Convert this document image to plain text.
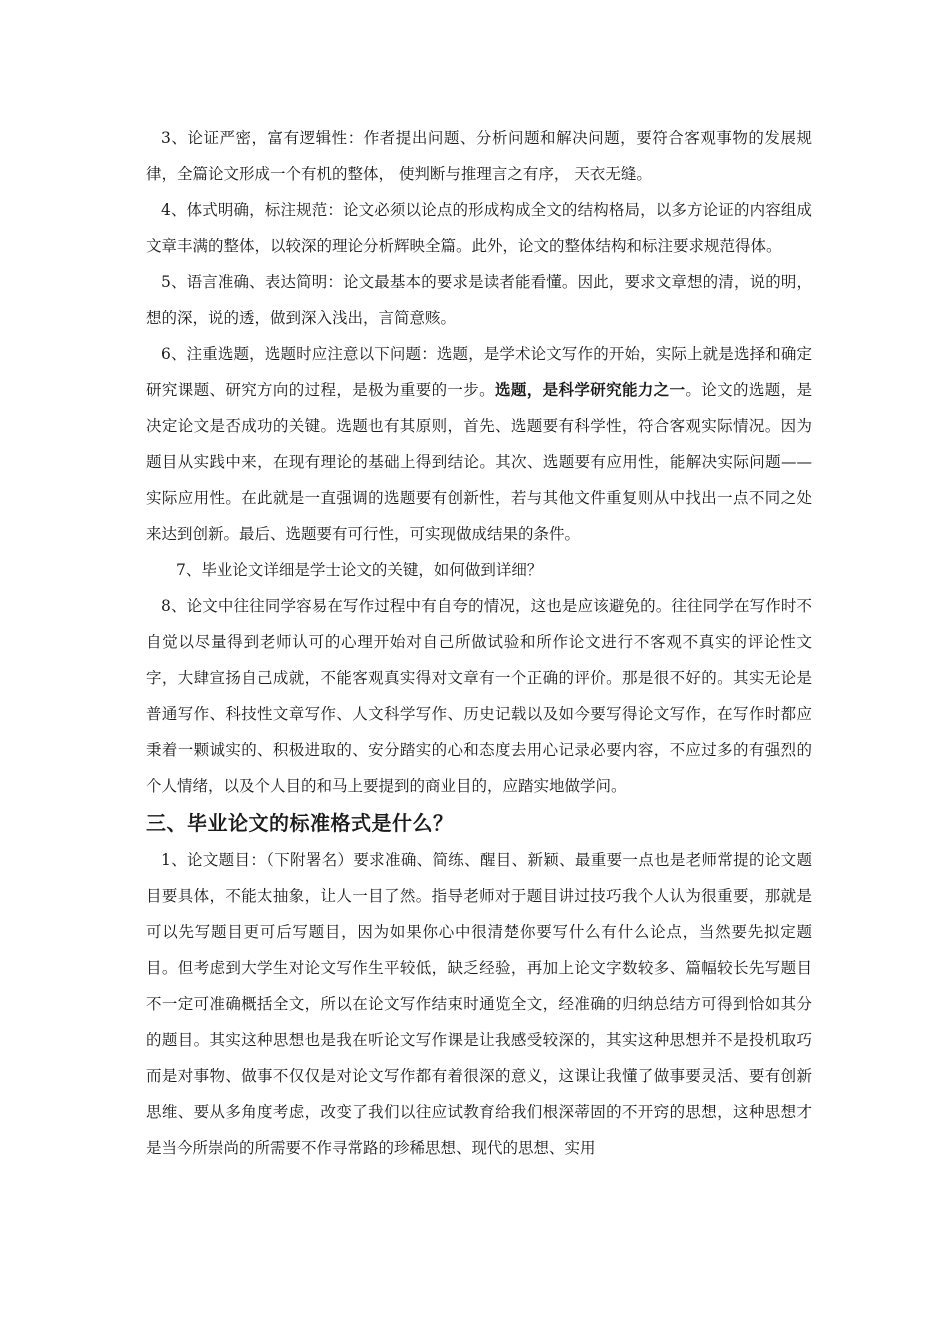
3、论证严密，富有逻辑性：作者提出问题、分析问题和解决问题，要符合客观事物的发展规律，全篇论文形成一个有机的整体， 使判断与推理言之有序， 天衣无缝。

4、体式明确，标注规范：论文必须以论点的形成构成全文的结构格局，以多方论证的内容组成文章丰满的整体，以较深的理论分析辉映全篇。此外，论文的整体结构和标注要求规范得体。

5、语言准确、表达简明：论文最基本的要求是读者能看懂。因此，要求文章想的清，说的明，想的深，说的透，做到深入浅出，言简意赅。

6、注重选题，选题时应注意以下问题：选题，是学术论文写作的开始，实际上就是选择和确定研究课题、研究方向的过程，是极为重要的一步。选题，是科学研究能力之一。论文的选题，是决定论文是否成功的关键。选题也有其原则，首先、选题要有科学性，符合客观实际情况。因为题目从实践中来，在现有理论的基础上得到结论。其次、选题要有应用性，能解决实际问题——实际应用性。在此就是一直强调的选题要有创新性，若与其他文件重复则从中找出一点不同之处来达到创新。最后、选题要有可行性，可实现做成结果的条件。

7、毕业论文详细是学士论文的关键，如何做到详细？

8、论文中往往同学容易在写作过程中有自夸的情况，这也是应该避免的。往往同学在写作时不自觉以尽量得到老师认可的心理开始对自己所做试验和所作论文进行不客观不真实的评论性文字，大肆宣扬自己成就，不能客观真实得对文章有一个正确的评价。那是很不好的。其实无论是普通写作、科技性文章写作、人文科学写作、历史记载以及如今要写得论文写作，在写作时都应秉着一颗诚实的、积极进取的、安分踏实的心和态度去用心记录必要内容，不应过多的有强烈的个人情绪，以及个人目的和马上要提到的商业目的，应踏实地做学问。

三、毕业论文的标准格式是什么？

1、论文题目：（下附署名）要求准确、简练、醒目、新颖、最重要一点也是老师常提的论文题目要具体，不能太抽象，让人一目了然。指导老师对于题目讲过技巧我个人认为很重要，那就是可以先写题目更可后写题目，因为如果你心中很清楚你要写什么有什么论点，当然要先拟定题目。但考虑到大学生对论文写作生平较低，缺乏经验，再加上论文字数较多、篇幅较长先写题目不一定可准确概括全文，所以在论文写作结束时通览全文，经准确的归纳总结方可得到恰如其分的题目。其实这种思想也是我在听论文写作课是让我感受较深的，其实这种思想并不是投机取巧而是对事物、做事不仅仅是对论文写作都有着很深的意义，这课让我懂了做事要灵活、要有创新思维、要从多角度考虑，改变了我们以往应试教育给我们根深蒂固的不开窍的思想，这种思想才是当今所崇尚的所需要不作寻常路的珍稀思想、现代的思想、实用
